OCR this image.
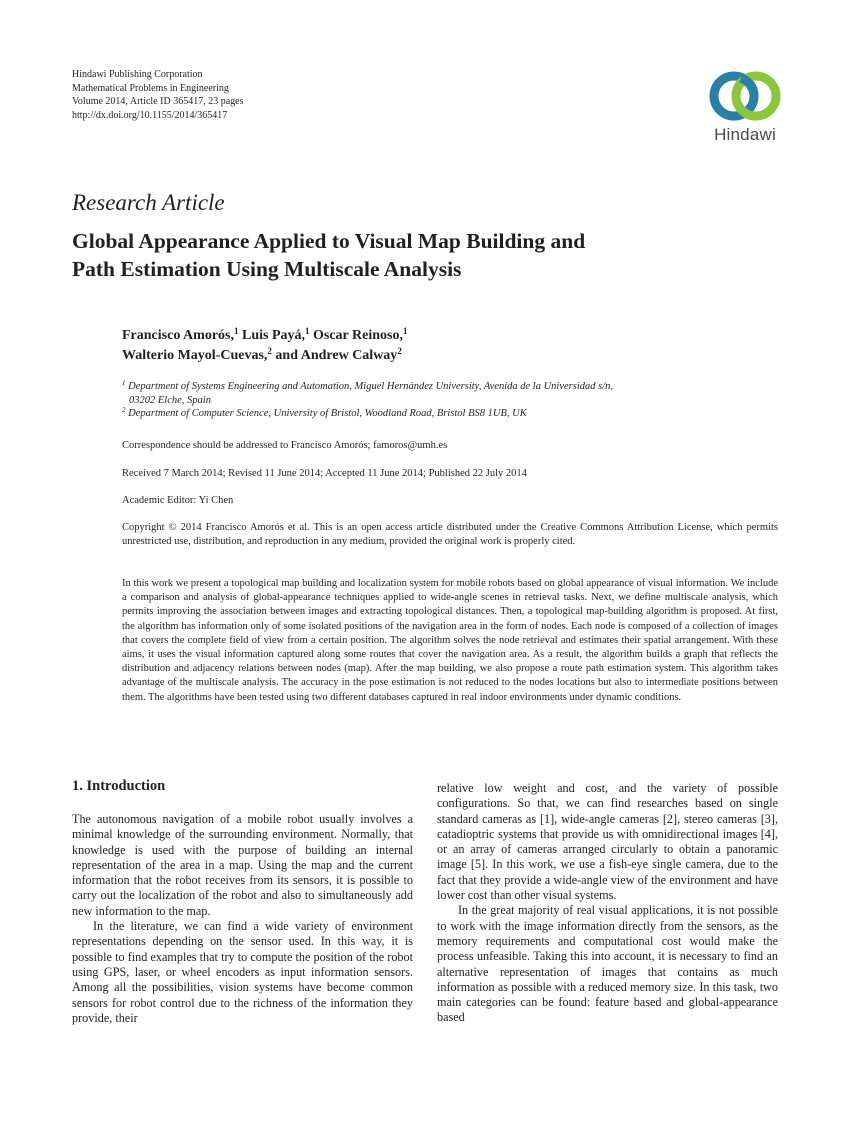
Hindawi Publishing Corporation
Mathematical Problems in Engineering
Volume 2014, Article ID 365417, 23 pages
http://dx.doi.org/10.1155/2014/365417
Hindawi
Research Article
Global Appearance Applied to Visual Map Building and
Path Estimation Using Multiscale Analysis
Francisco Amorós,$^1$ Luis Payá,$^1$ Oscar Reinoso,$^1$
Walterio Mayol-Cuevas,$^2$ and Andrew Calway$^2$
$^1$ Department of Systems Engineering and Automation, Miguel Hernández University, Avenida de la Universidad s/n,
03202 Elche, Spain
$^2$ Department of Computer Science, University of Bristol, Woodland Road, Bristol BS8 1UB, UK
Correspondence should be addressed to Francisco Amorós; famoros@umh.es
Received 7 March 2014; Revised 11 June 2014; Accepted 11 June 2014; Published 22 July 2014
Academic Editor: Yi Chen
Copyright © 2014 Francisco Amorós et al. This is an open access article distributed under the Creative Commons Attribution License, which permits unrestricted use, distribution, and reproduction in any medium, provided the original work is properly cited.
In this work we present a topological map building and localization system for mobile robots based on global appearance of visual information. We include a comparison and analysis of global-appearance techniques applied to wide-angle scenes in retrieval tasks. Next, we define multiscale analysis, which permits improving the association between images and extracting topological distances. Then, a topological map-building algorithm is proposed. At first, the algorithm has information only of some isolated positions of the navigation area in the form of nodes. Each node is composed of a collection of images that covers the complete field of view from a certain position. The algorithm solves the node retrieval and estimates their spatial arrangement. With these aims, it uses the visual information captured along some routes that cover the navigation area. As a result, the algorithm builds a graph that reflects the distribution and adjacency relations between nodes (map). After the map building, we also propose a route path estimation system. This algorithm takes advantage of the multiscale analysis. The accuracy in the pose estimation is not reduced to the nodes locations but also to intermediate positions between them. The algorithms have been tested using two different databases captured in real indoor environments under dynamic conditions.
1. Introduction

The autonomous navigation of a mobile robot usually involves a minimal knowledge of the surrounding environment. Normally, that knowledge is used with the purpose of building an internal representation of the area in a map. Using the map and the current information that the robot receives from its sensors, it is possible to carry out the localization of the robot and also to simultaneously add new information to the map.

In the literature, we can find a wide variety of environment representations depending on the sensor used. In this way, it is possible to find examples that try to compute the position of the robot using GPS, laser, or wheel encoders as input information sensors. Among all the possibilities, vision systems have become common sensors for robot control due to the richness of the information they provide, their

relative low weight and cost, and the variety of possible configurations. So that, we can find researches based on single standard cameras as [1], wide-angle cameras [2], stereo cameras [3], catadioptric systems that provide us with omnidirectional images [4], or an array of cameras arranged circularly to obtain a panoramic image [5]. In this work, we use a fish-eye single camera, due to the fact that they provide a wide-angle view of the environment and have lower cost than other visual systems.

In the great majority of real visual applications, it is not possible to work with the image information directly from the sensors, as the memory requirements and computational cost would make the process unfeasible. Taking this into account, it is necessary to find an alternative representation of images that contains as much information as possible with a reduced memory size. In this task, two main categories can be found: feature based and global-appearance based
